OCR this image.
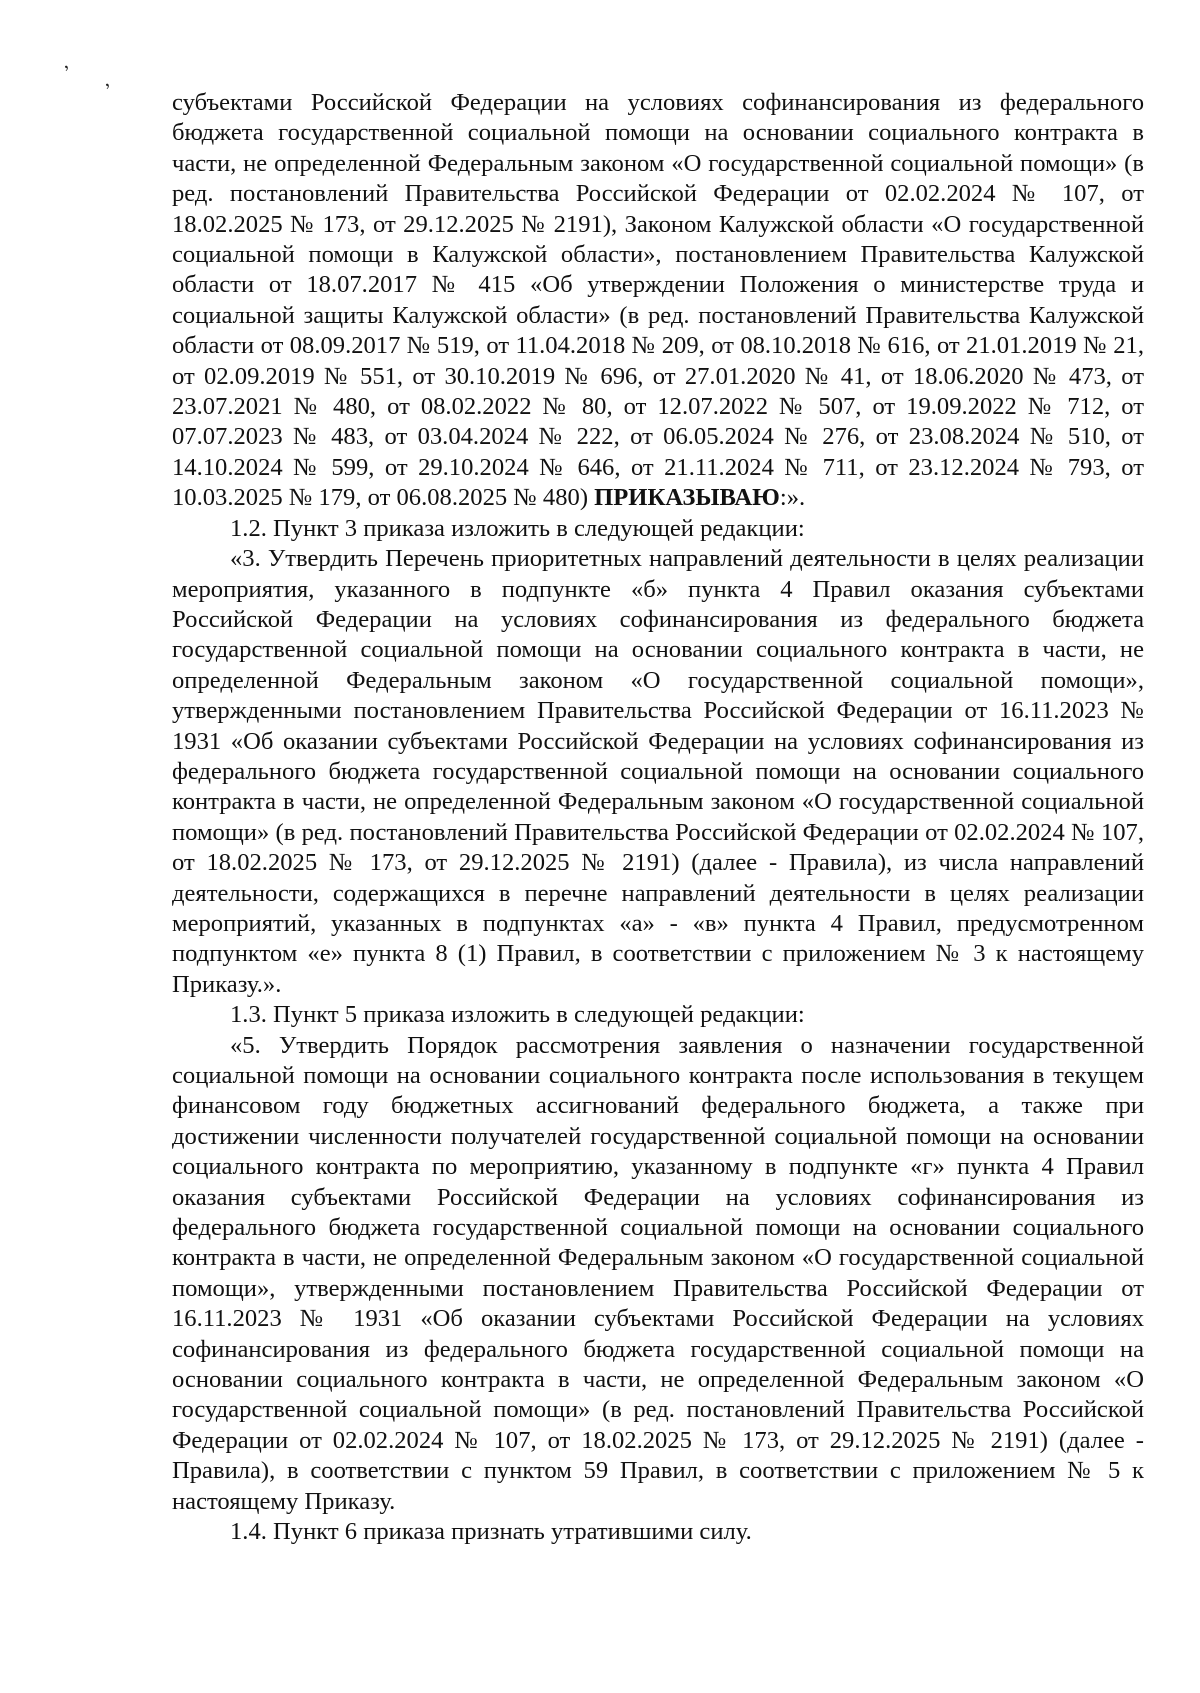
,
,

субъектами Российской Федерации на условиях софинансирования из федерального бюджета государственной социальной помощи на основании социального контракта в части, не определенной Федеральным законом «О государственной социальной помощи» (в ред. постановлений Правительства Российской Федерации от 02.02.2024 № 107, от 18.02.2025 № 173, от 29.12.2025 № 2191), Законом Калужской области «О государственной социальной помощи в Калужской области», постановлением Правительства Калужской области от 18.07.2017 № 415 «Об утверждении Положения о министерстве труда и социальной защиты Калужской области» (в ред. постановлений Правительства Калужской области от 08.09.2017 № 519, от 11.04.2018 № 209, от 08.10.2018 № 616, от 21.01.2019 № 21, от 02.09.2019 № 551, от 30.10.2019 № 696, от 27.01.2020 № 41, от 18.06.2020 № 473, от 23.07.2021 № 480, от 08.02.2022 № 80, от 12.07.2022 № 507, от 19.09.2022 № 712, от 07.07.2023 № 483, от 03.04.2024 № 222, от 06.05.2024 № 276, от 23.08.2024 № 510, от 14.10.2024 № 599, от 29.10.2024 № 646, от 21.11.2024 № 711, от 23.12.2024 № 793, от 10.03.2025 № 179, от 06.08.2025 № 480) ПРИКАЗЫВАЮ:».

1.2. Пункт 3 приказа изложить в следующей редакции:

«3. Утвердить Перечень приоритетных направлений деятельности в целях реализации мероприятия, указанного в подпункте «б» пункта 4 Правил оказания субъектами Российской Федерации на условиях софинансирования из федерального бюджета государственной социальной помощи на основании социального контракта в части, не определенной Федеральным законом «О государственной социальной помощи», утвержденными постановлением Правительства Российской Федерации от 16.11.2023 № 1931 «Об оказании субъектами Российской Федерации на условиях софинансирования из федерального бюджета государственной социальной помощи на основании социального контракта в части, не определенной Федеральным законом «О государственной социальной помощи» (в ред. постановлений Правительства Российской Федерации от 02.02.2024 № 107, от 18.02.2025 № 173, от 29.12.2025 № 2191) (далее - Правила), из числа направлений деятельности, содержащихся в перечне направлений деятельности в целях реализации мероприятий, указанных в подпунктах «а» - «в» пункта 4 Правил, предусмотренном подпунктом «е» пункта 8 (1) Правил, в соответствии с приложением № 3 к настоящему Приказу.».

1.3. Пункт 5 приказа изложить в следующей редакции:

«5. Утвердить Порядок рассмотрения заявления о назначении государственной социальной помощи на основании социального контракта после использования в текущем финансовом году бюджетных ассигнований федерального бюджета, а также при достижении численности получателей государственной социальной помощи на основании социального контракта по мероприятию, указанному в подпункте «г» пункта 4 Правил оказания субъектами Российской Федерации на условиях софинансирования из федерального бюджета государственной социальной помощи на основании социального контракта в части, не определенной Федеральным законом «О государственной социальной помощи», утвержденными постановлением Правительства Российской Федерации от 16.11.2023 № 1931 «Об оказании субъектами Российской Федерации на условиях софинансирования из федерального бюджета государственной социальной помощи на основании социального контракта в части, не определенной Федеральным законом «О государственной социальной помощи» (в ред. постановлений Правительства Российской Федерации от 02.02.2024 № 107, от 18.02.2025 № 173, от 29.12.2025 № 2191) (далее - Правила), в соответствии с пунктом 59 Правил, в соответствии с приложением № 5 к настоящему Приказу.

1.4. Пункт 6 приказа признать утратившими силу.
